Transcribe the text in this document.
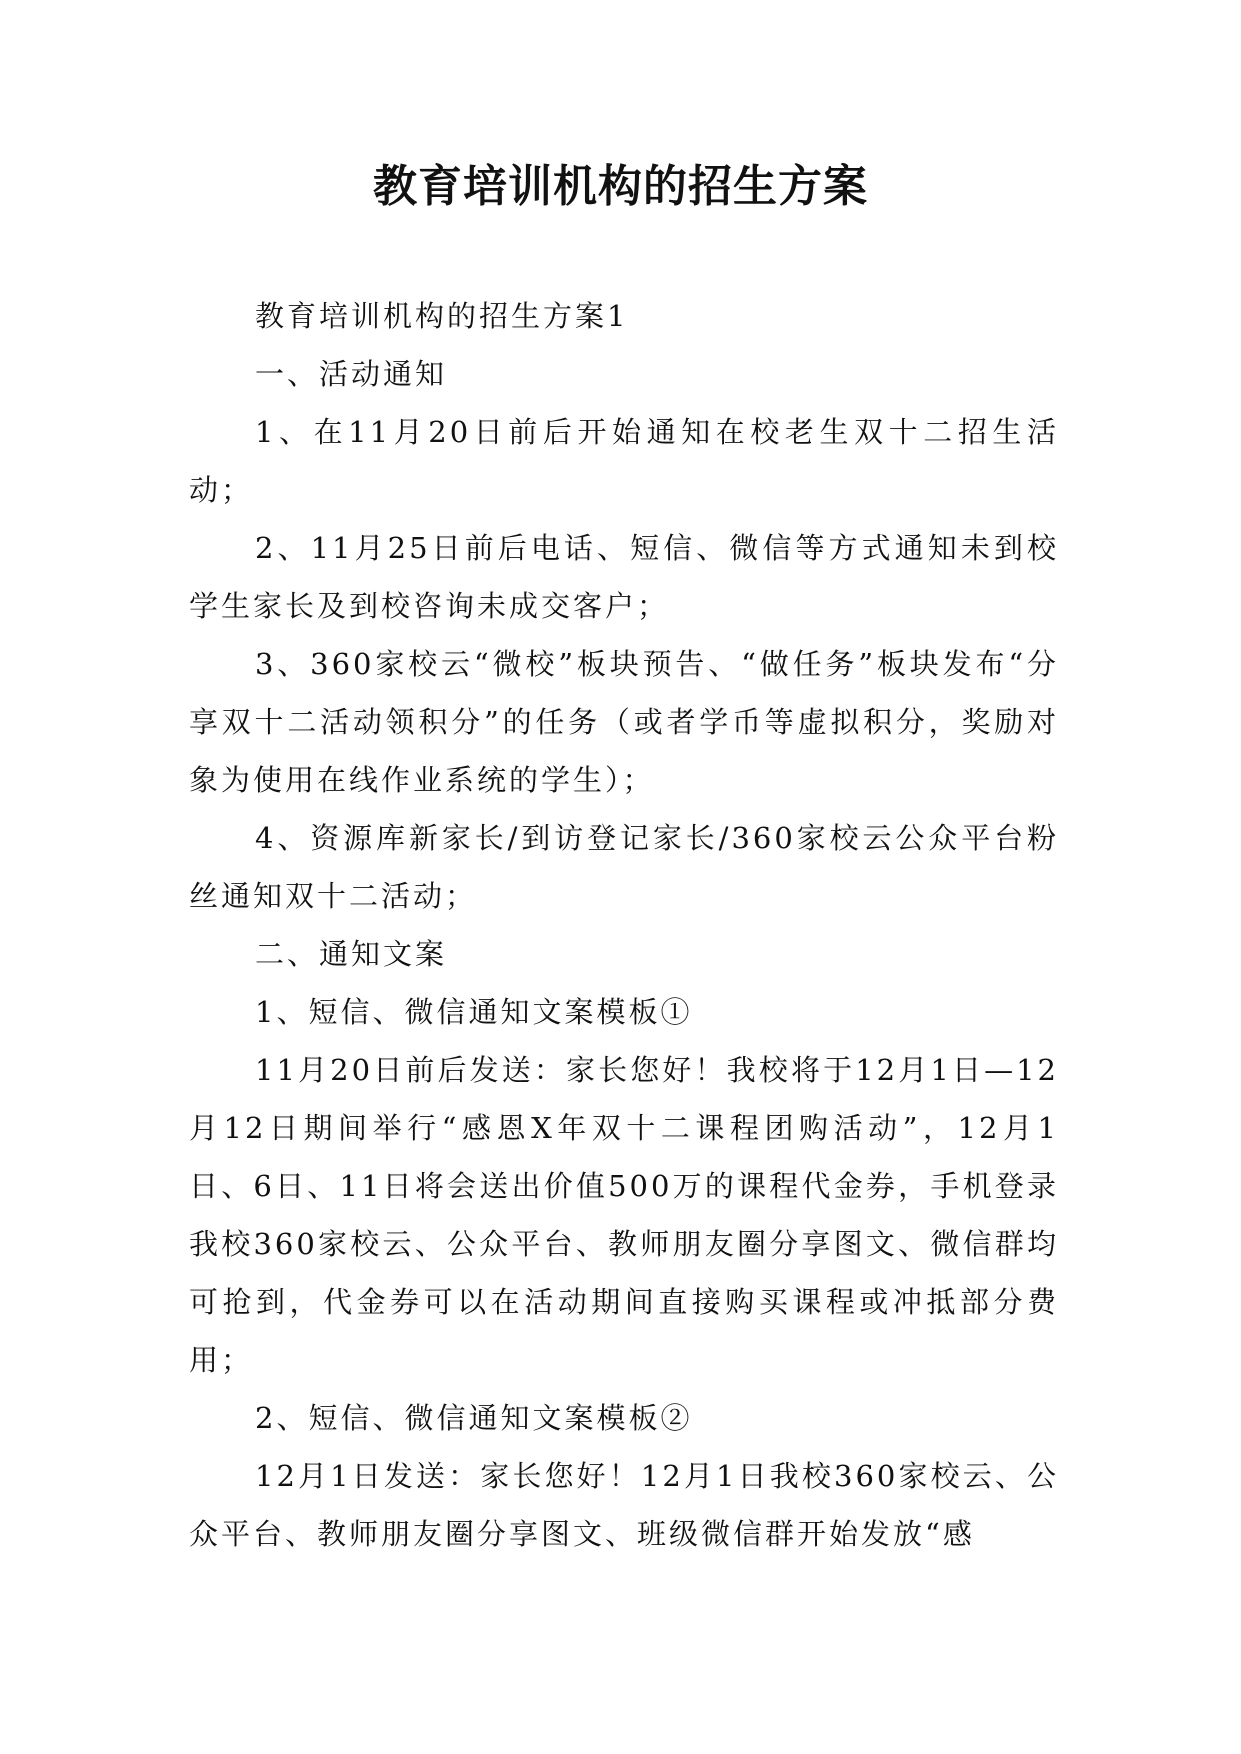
教育培训机构的招生方案

教育培训机构的招生方案1

一、活动通知

1、在11月20日前后开始通知在校老生双十二招生活动；

2、11月25日前后电话、短信、微信等方式通知未到校学生家长及到校咨询未成交客户；

3、360家校云“微校”板块预告、“做任务”板块发布“分享双十二活动领积分”的任务（或者学币等虚拟积分，奖励对象为使用在线作业系统的学生）；

4、资源库新家长/到访登记家长/360家校云公众平台粉丝通知双十二活动；

二、通知文案

1、短信、微信通知文案模板①

11月20日前后发送：家长您好！我校将于12月1日—12月12日期间举行“感恩X年双十二课程团购活动”，12月1日、6日、11日将会送出价值500万的课程代金券，手机登录我校360家校云、公众平台、教师朋友圈分享图文、微信群均可抢到，代金券可以在活动期间直接购买课程或冲抵部分费用；

2、短信、微信通知文案模板②

12月1日发送：家长您好！12月1日我校360家校云、公众平台、教师朋友圈分享图文、班级微信群开始发放“感
